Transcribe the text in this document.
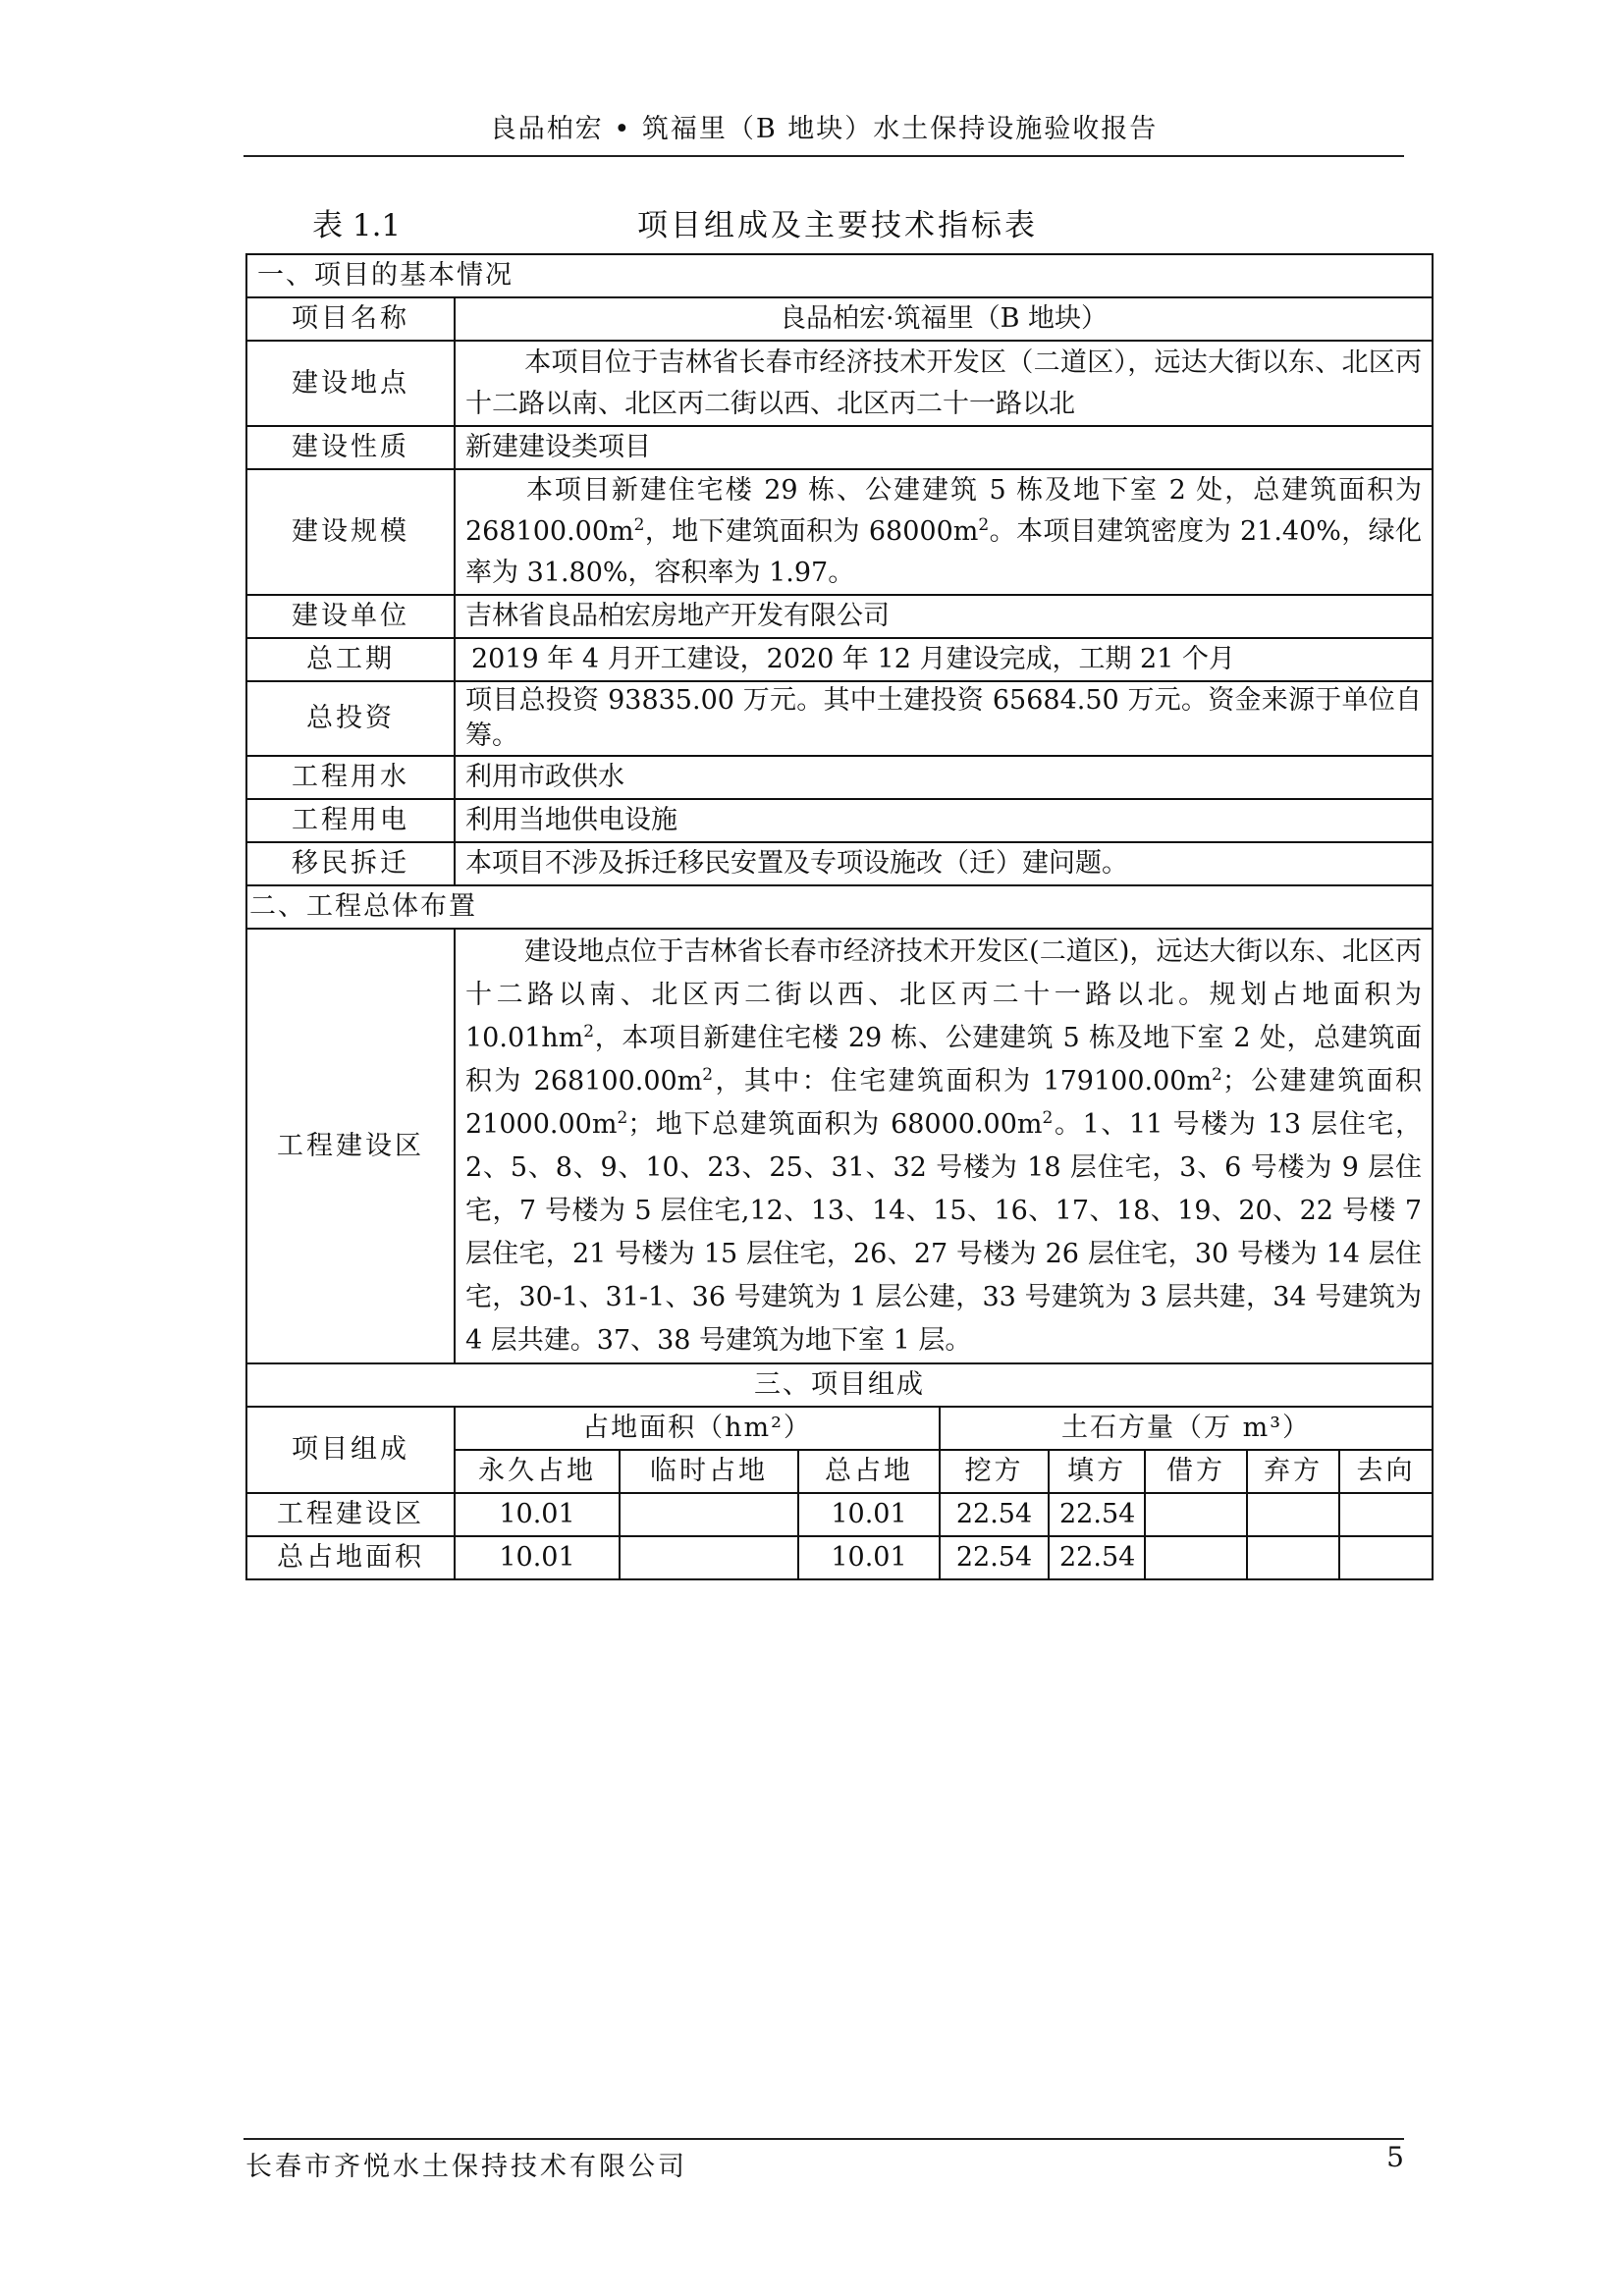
良品柏宏 • 筑福里（B 地块）水土保持设施验收报告
项目组成及主要技术指标表
表 1.1
一、项目的基本情况								
项目名称	良品柏宏·筑福里（B 地块）							
建设地点	本项目位于吉林省长春市经济技术开发区（二道区），远达大街以东、北区丙十二路以南、北区丙二街以西、北区丙二十一路以北							
建设性质	新建建设类项目							
建设规模	本项目新建住宅楼 29 栋、公建建筑 5 栋及地下室 2 处，总建筑面积为 $268100.00m^2$，地下建筑面积为 $68000m^2$。本项目建筑密度为 21.40%，绿化率为 31.80%，容积率为 1.97。							
建设单位	吉林省良品柏宏房地产开发有限公司							
总工期	2019 年 4 月开工建设，2020 年 12 月建设完成，工期 21 个月							
总投资	项目总投资 93835.00 万元。其中土建投资 65684.50 万元。资金来源于单位自筹。							
工程用水	利用市政供水							
工程用电	利用当地供电设施							
移民拆迁	本项目不涉及拆迁移民安置及专项设施改（迁）建问题。							
二、工程总体布置								
工程建设区	建设地点位于吉林省长春市经济技术开发区(二道区)，远达大街以东、北区丙十二路以南、北区丙二街以西、北区丙二十一路以北。规划占地面积为 $10.01hm^2$，本项目新建住宅楼 29 栋、公建建筑 5 栋及地下室 2 处，总建筑面积为 $268100.00m^2$，其中：住宅建筑面积为 $179100.00m^2$；公建建筑面积 $21000.00m^2$；地下总建筑面积为 $68000.00m^2$。1、11 号楼为 13 层住宅，2、5、8、9、10、23、25、31、32 号楼为 18 层住宅，3、6 号楼为 9 层住宅，7 号楼为 5 层住宅,12、13、14、15、16、17、18、19、20、22 号楼 7 层住宅，21 号楼为 15 层住宅，26、27 号楼为 26 层住宅，30 号楼为 14 层住宅，30-1、31-1、36 号建筑为 1 层公建，33 号建筑为 3 层共建，34 号建筑为 4 层共建。37、38 号建筑为地下室 1 层。							
三、项目组成								
项目组成	占地面积（hm²）			土石方量（万 m³）				
	永久占地	临时占地	总占地	挖方	填方	借方	弃方	去向
工程建设区	10.01		10.01	22.54	22.54			
总占地面积	10.01		10.01	22.54	22.54			
长春市齐悦水土保持技术有限公司	5
